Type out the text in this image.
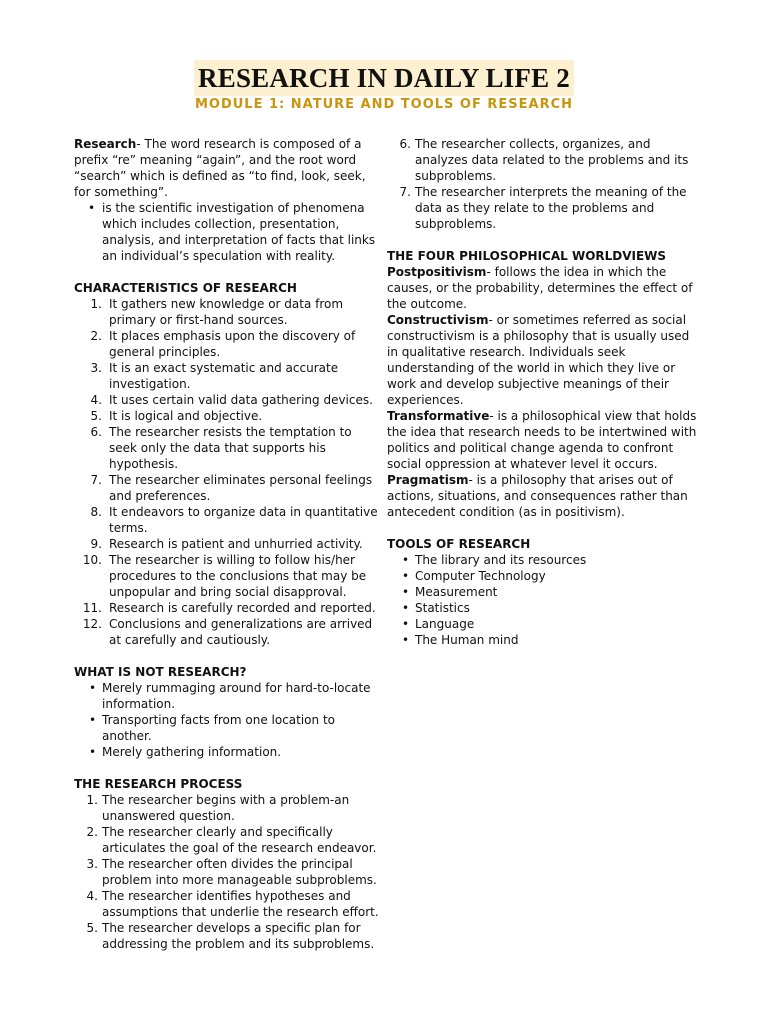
RESEARCH IN DAILY LIFE 2
MODULE 1: NATURE AND TOOLS OF RESEARCH

Research- The word research is composed of a prefix “re” meaning “again”, and the root word “search” which is defined as “to find, look, seek, for something”.

• is the scientific investigation of phenomena which includes collection, presentation, analysis, and interpretation of facts that links an individual’s speculation with reality.

CHARACTERISTICS OF RESEARCH

1. It gathers new knowledge or data from primary or first-hand sources.
2. It places emphasis upon the discovery of general principles.
3. It is an exact systematic and accurate investigation.
4. It uses certain valid data gathering devices.
5. It is logical and objective.
6. The researcher resists the temptation to seek only the data that supports his hypothesis.
7. The researcher eliminates personal feelings and preferences.
8. It endeavors to organize data in quantitative terms.
9. Research is patient and unhurried activity.
10. The researcher is willing to follow his/her procedures to the conclusions that may be unpopular and bring social disapproval.
11. Research is carefully recorded and reported.
12. Conclusions and generalizations are arrived at carefully and cautiously.

WHAT IS NOT RESEARCH?

• Merely rummaging around for hard-to-locate information.
• Transporting facts from one location to another.
• Merely gathering information.

THE RESEARCH PROCESS

1. The researcher begins with a problem-an unanswered question.
2. The researcher clearly and specifically articulates the goal of the research endeavor.
3. The researcher often divides the principal problem into more manageable subproblems.
4. The researcher identifies hypotheses and assumptions that underlie the research effort.
5. The researcher develops a specific plan for addressing the problem and its subproblems.
6. The researcher collects, organizes, and analyzes data related to the problems and its subproblems.
7. The researcher interprets the meaning of the data as they relate to the problems and subproblems.

THE FOUR PHILOSOPHICAL WORLDVIEWS

Postpositivism- follows the idea in which the causes, or the probability, determines the effect of the outcome.

Constructivism- or sometimes referred as social constructivism is a philosophy that is usually used in qualitative research. Individuals seek understanding of the world in which they live or work and develop subjective meanings of their experiences.

Transformative- is a philosophical view that holds the idea that research needs to be intertwined with politics and political change agenda to confront social oppression at whatever level it occurs.

Pragmatism- is a philosophy that arises out of actions, situations, and consequences rather than antecedent condition (as in positivism).

TOOLS OF RESEARCH

• The library and its resources
• Computer Technology
• Measurement
• Statistics
• Language
• The Human mind
